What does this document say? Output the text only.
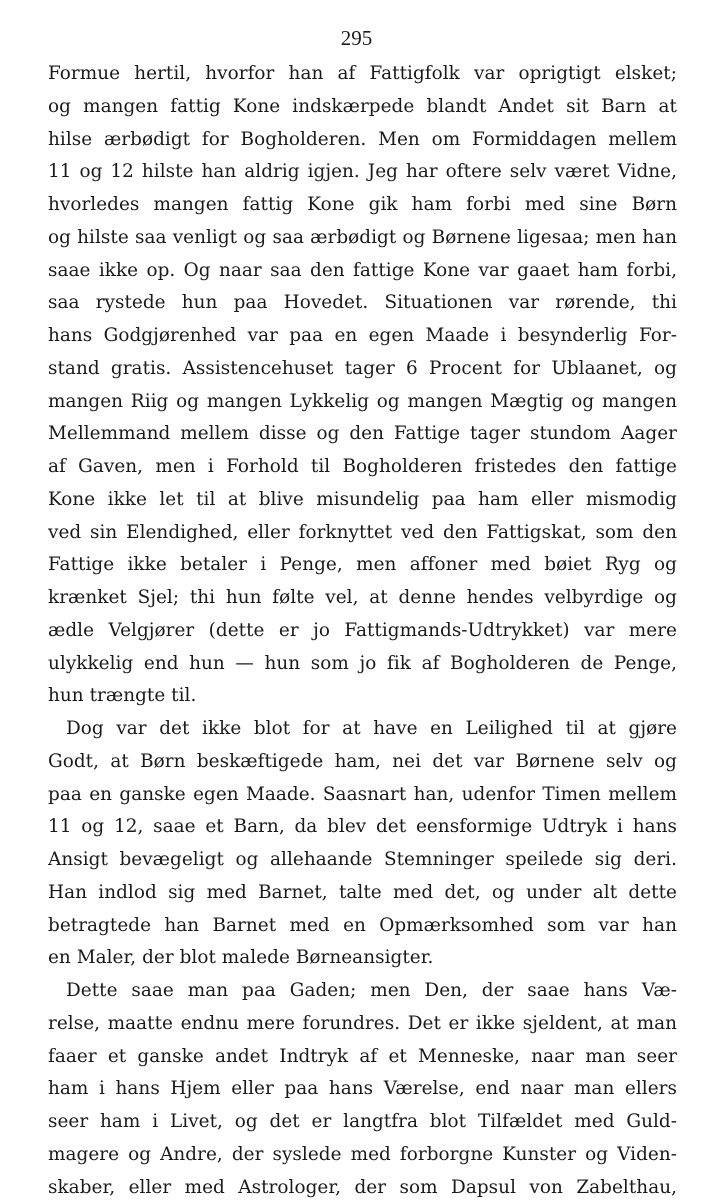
295
Formue hertil, hvorfor han af Fattigfolk var oprigtigt elsket;
og mangen fattig Kone indskærpede blandt Andet sit Barn at
hilse ærbødigt for Bogholderen. Men om Formiddagen mellem
11 og 12 hilste han aldrig igjen. Jeg har oftere selv været Vidne,
hvorledes mangen fattig Kone gik ham forbi med sine Børn
og hilste saa venligt og saa ærbødigt og Børnene ligesaa; men han
saae ikke op. Og naar saa den fattige Kone var gaaet ham forbi,
saa rystede hun paa Hovedet. Situationen var rørende, thi
hans Godgjørenhed var paa en egen Maade i besynderlig For-
stand gratis. Assistencehuset tager 6 Procent for Ublaanet, og
mangen Riig og mangen Lykkelig og mangen Mægtig og mangen
Mellemmand mellem disse og den Fattige tager stundom Aager
af Gaven, men i Forhold til Bogholderen fristedes den fattige
Kone ikke let til at blive misundelig paa ham eller mismodig
ved sin Elendighed, eller forknyttet ved den Fattigskat, som den
Fattige ikke betaler i Penge, men affoner med bøiet Ryg og
krænket Sjel; thi hun følte vel, at denne hendes velbyrdige og
ædle Velgjører (dette er jo Fattigmands-Udtrykket) var mere
ulykkelig end hun — hun som jo fik af Bogholderen de Penge,
hun trængte til.
Dog var det ikke blot for at have en Leilighed til at gjøre
Godt, at Børn beskæftigede ham, nei det var Børnene selv og
paa en ganske egen Maade. Saasnart han, udenfor Timen mellem
11 og 12, saae et Barn, da blev det eensformige Udtryk i hans
Ansigt bevægeligt og allehaande Stemninger speilede sig deri.
Han indlod sig med Barnet, talte med det, og under alt dette
betragtede han Barnet med en Opmærksomhed som var han
en Maler, der blot malede Børneansigter.
Dette saae man paa Gaden; men Den, der saae hans Væ-
relse, maatte endnu mere forundres. Det er ikke sjeldent, at man
faaer et ganske andet Indtryk af et Menneske, naar man seer
ham i hans Hjem eller paa hans Værelse, end naar man ellers
seer ham i Livet, og det er langtfra blot Tilfældet med Guld-
magere og Andre, der syslede med forborgne Kunster og Viden-
skaber, eller med Astrologer, der som Dapsul von Zabelthau,
